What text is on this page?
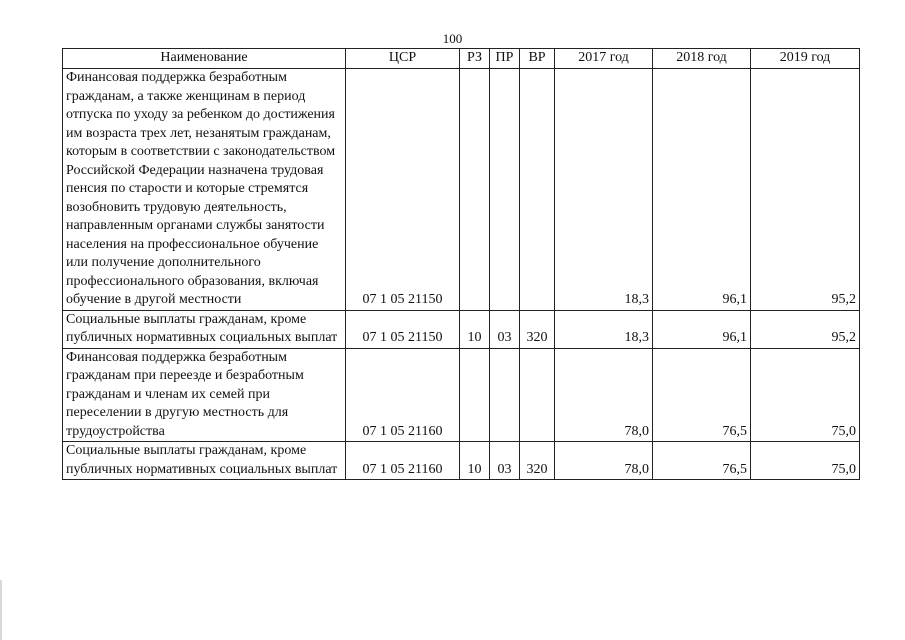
100
Наименование	ЦСР	РЗ	ПР	ВР	2017 год	2018 год	2019 год

Финансовая поддержка безработным гражданам, а также женщинам в период отпуска по уходу за ребенком до достижения им возраста трех лет, незанятым гражданам, которым в соответствии с законодательством Российской Федерации назначена трудовая пенсия по старости и которые стремятся возобновить трудовую деятельность, направленным органами службы занятости населения на профессиональное обучение или получение дополнительного профессионального образования, включая обучение в другой местности	07 1 05 21150				18,3	96,1	95,2

Социальные выплаты гражданам, кроме публичных нормативных социальных выплат	07 1 05 21150	10	03	320	18,3	96,1	95,2

Финансовая поддержка безработным гражданам при переезде и безработным гражданам и членам их семей при переселении в другую местность для трудоустройства	07 1 05 21160				78,0	76,5	75,0

Социальные выплаты гражданам, кроме публичных нормативных социальных выплат	07 1 05 21160	10	03	320	78,0	76,5	75,0
